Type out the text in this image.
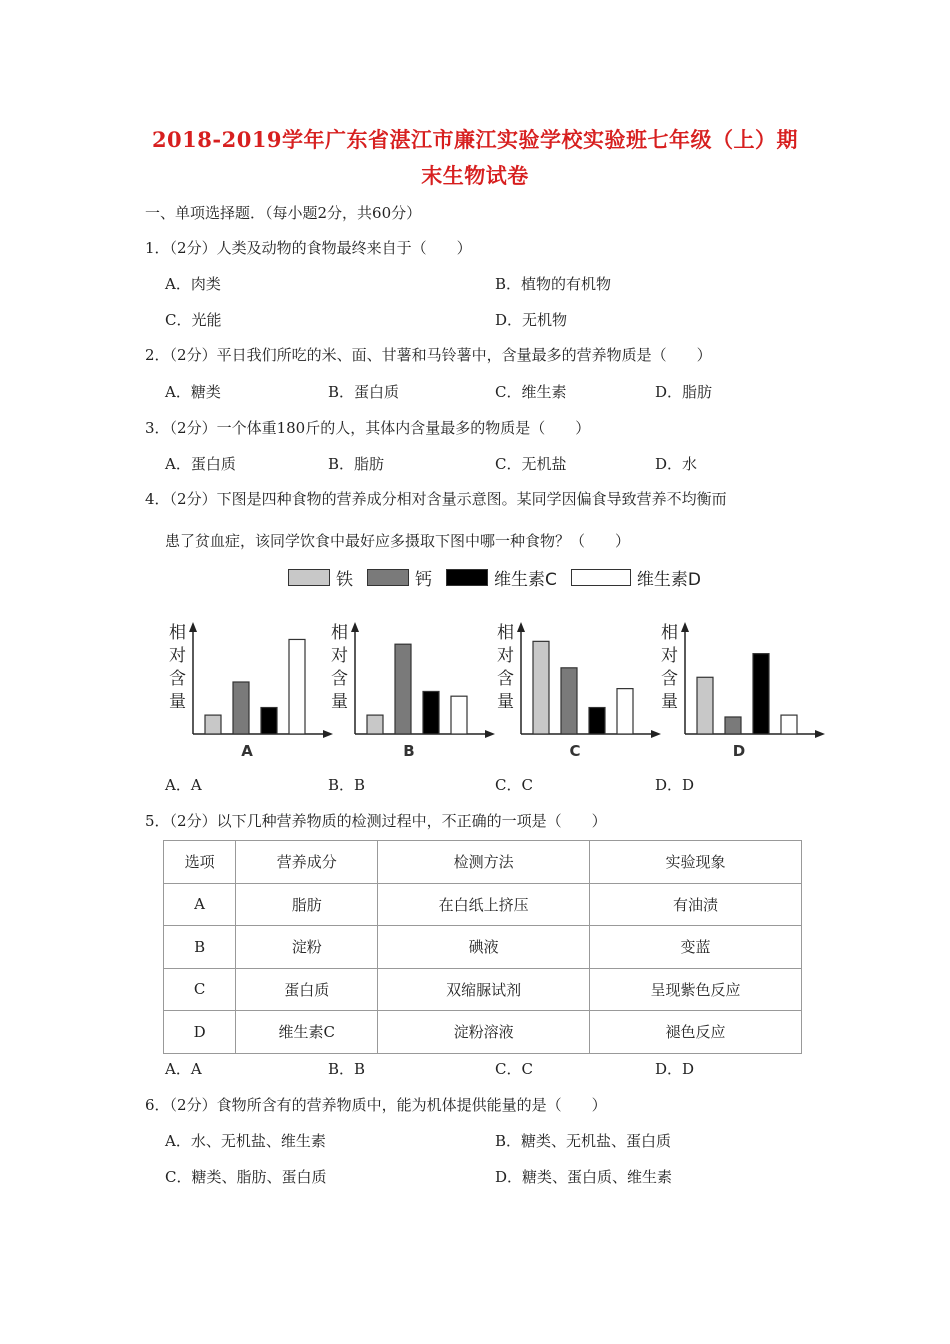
2018-2019学年广东省湛江市廉江实验学校实验班七年级（上）期
末生物试卷
一、单项选择题．（每小题2分，共60分）
1．（2分）人类及动物的食物最终来自于（　　）
A．肉类	B．植物的有机物
C．光能	D．无机物
2．（2分）平日我们所吃的米、面、甘薯和马铃薯中，含量最多的营养物质是（　　）
A．糖类	B．蛋白质	C．维生素	D．脂肪
3．（2分）一个体重180斤的人，其体内含量最多的物质是（　　）
A．蛋白质	B．脂肪	C．无机盐	D．水
4．（2分）下图是四种食物的营养成分相对含量示意图。某同学因偏食导致营养不均衡而
患了贫血症，该同学饮食中最好应多摄取下图中哪一种食物？（　　）
铁	钙	维生素C	维生素D
相
对
含
量
A
相
对
含
量
B
相
对
含
量
C
相
对
含
量
D
A．A	B．B	C．C	D．D
5．（2分）以下几种营养物质的检测过程中，不正确的一项是（　　）
选项	营养成分	检测方法	实验现象
A	脂肪	在白纸上挤压	有油渍
B	淀粉	碘液	变蓝
C	蛋白质	双缩脲试剂	呈现紫色反应
D	维生素C	淀粉溶液	褪色反应
A．A	B．B	C．C	D．D
6．（2分）食物所含有的营养物质中，能为机体提供能量的是（　　）
A．水、无机盐、维生素	B．糖类、无机盐、蛋白质
C．糖类、脂肪、蛋白质	D．糖类、蛋白质、维生素
